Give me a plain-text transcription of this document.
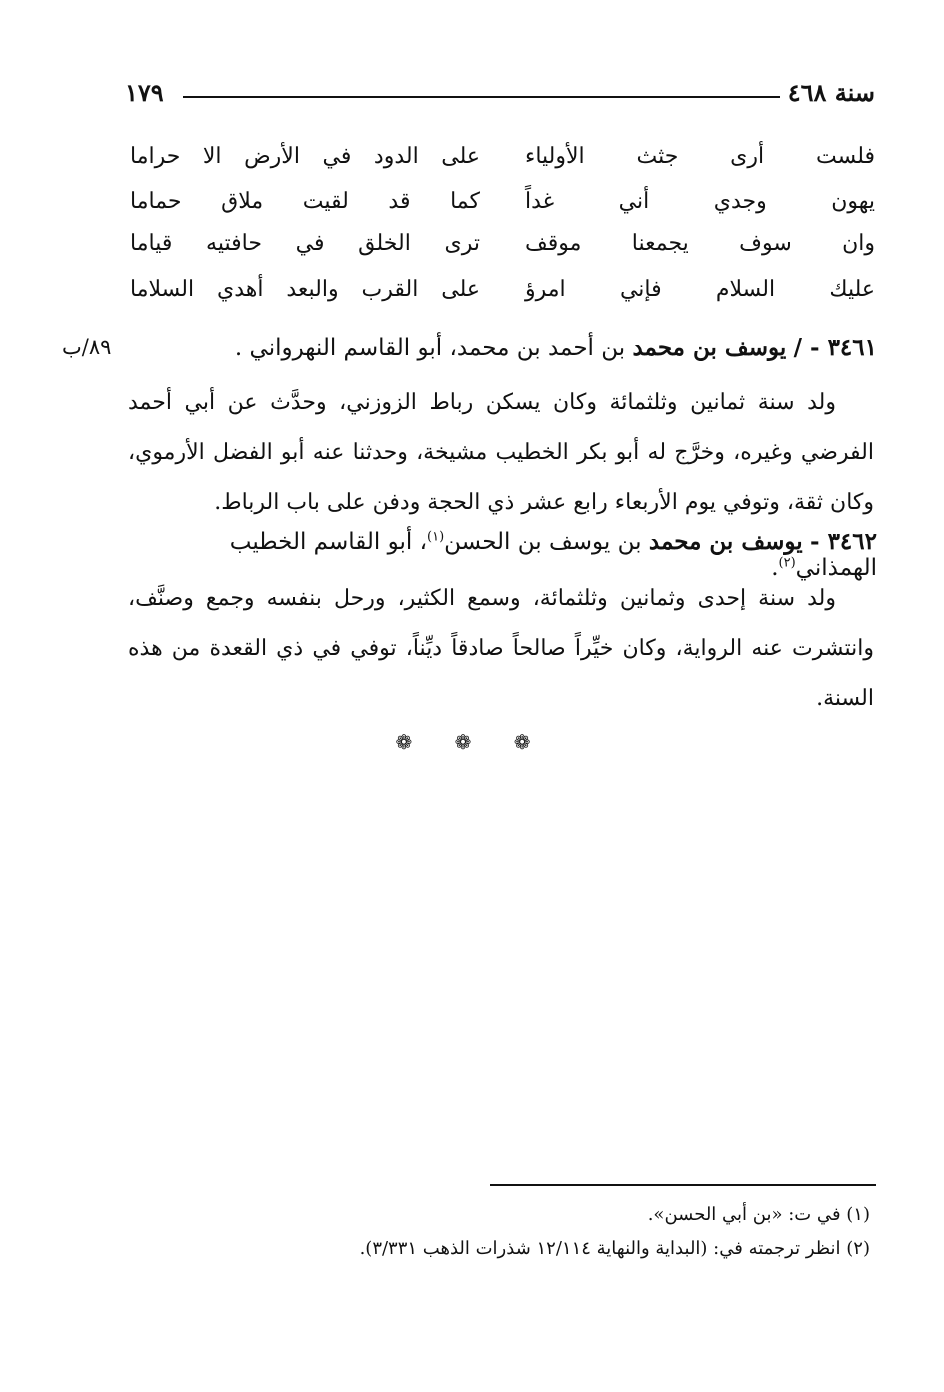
سنة ٤٦٨
١٧٩
فلست أرى جثث الأولياء
على الدود في الأرض الا حراما
يهون وجدي أني غداً
كما قد لقيت ملاق حماما
وان سوف يجمعنا موقف
ترى الخلق في حافتيه قياما
عليك السلام فإني امرؤ
على القرب والبعد أهدي السلاما
٣٤٦١ - / يوسف بن محمد بن أحمد بن محمد، أبو القاسم النهرواني .
٨٩/ب

ولد سنة ثمانين وثلثمائة وكان يسكن رباط الزوزني، وحدَّث عن أبي أحمد الفرضي وغيره، وخرَّج له أبو بكر الخطيب مشيخة، وحدثنا عنه أبو الفضل الأرموي، وكان ثقة، وتوفي يوم الأربعاء رابع عشر ذي الحجة ودفن على باب الرباط.

٣٤٦٢ - يوسف بن محمد بن يوسف بن الحسن$^{(١)}$، أبو القاسم الخطيب الهمذاني$^{(٢)}$.

ولد سنة إحدى وثمانين وثلثمائة، وسمع الكثير، ورحل بنفسه وجمع وصنَّف، وانتشرت عنه الرواية، وكان خيِّراً صالحاً صادقاً ديِّناً، توفي في ذي القعدة من هذه السنة.

❁ ❁ ❁
(١) في ت: «بن أبي الحسن».
(٢) انظر ترجمته في: (البداية والنهاية ١٢/١١٤ شذرات الذهب ٣/٣٣١).
